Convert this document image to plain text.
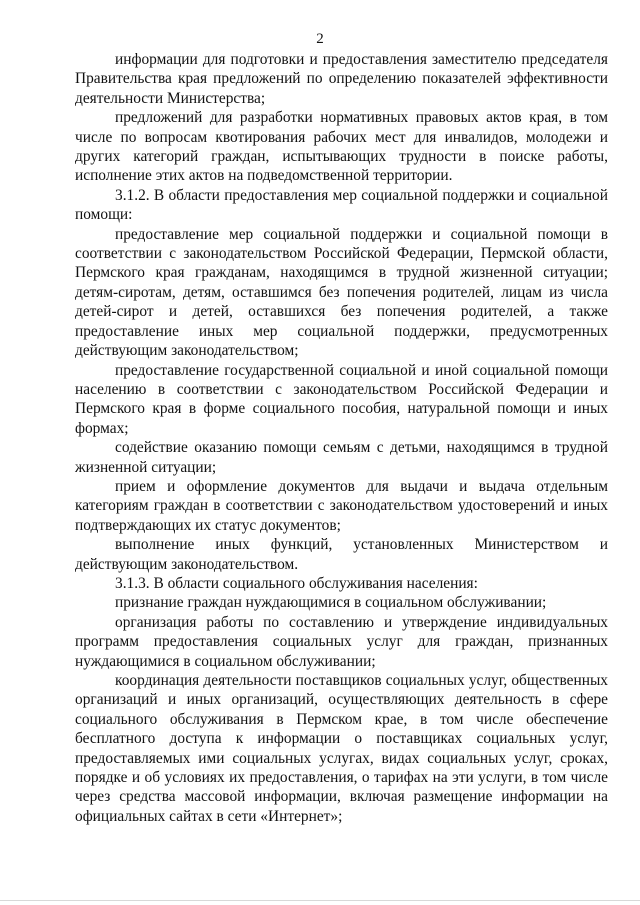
2

информации для подготовки и предоставления заместителю председателя Правительства края предложений по определению показателей эффективности деятельности Министерства;

предложений для разработки нормативных правовых актов края, в том числе по вопросам квотирования рабочих мест для инвалидов, молодежи и других категорий граждан, испытывающих трудности в поиске работы, исполнение этих актов на подведомственной территории.

3.1.2. В области предоставления мер социальной поддержки и социальной помощи:

предоставление мер социальной поддержки и социальной помощи в соответствии с законодательством Российской Федерации, Пермской области, Пермского края гражданам, находящимся в трудной жизненной ситуации; детям-сиротам, детям, оставшимся без попечения родителей, лицам из числа детей-сирот и детей, оставшихся без попечения родителей, а также предоставление иных мер социальной поддержки, предусмотренных действующим законодательством;

предоставление государственной социальной и иной социальной помощи населению в соответствии с законодательством Российской Федерации и Пермского края в форме социального пособия, натуральной помощи и иных формах;

содействие оказанию помощи семьям с детьми, находящимся в трудной жизненной ситуации;

прием и оформление документов для выдачи и выдача отдельным категориям граждан в соответствии с законодательством удостоверений и иных подтверждающих их статус документов;

выполнение иных функций, установленных Министерством и действующим законодательством.

3.1.3. В области социального обслуживания населения:

признание граждан нуждающимися в социальном обслуживании;

организация работы по составлению и утверждение индивидуальных программ предоставления социальных услуг для граждан, признанных нуждающимися в социальном обслуживании;

координация деятельности поставщиков социальных услуг, общественных организаций и иных организаций, осуществляющих деятельность в сфере социального обслуживания в Пермском крае, в том числе обеспечение бесплатного доступа к информации о поставщиках социальных услуг, предоставляемых ими социальных услугах, видах социальных услуг, сроках, порядке и об условиях их предоставления, о тарифах на эти услуги, в том числе через средства массовой информации, включая размещение информации на официальных сайтах в сети «Интернет»;
